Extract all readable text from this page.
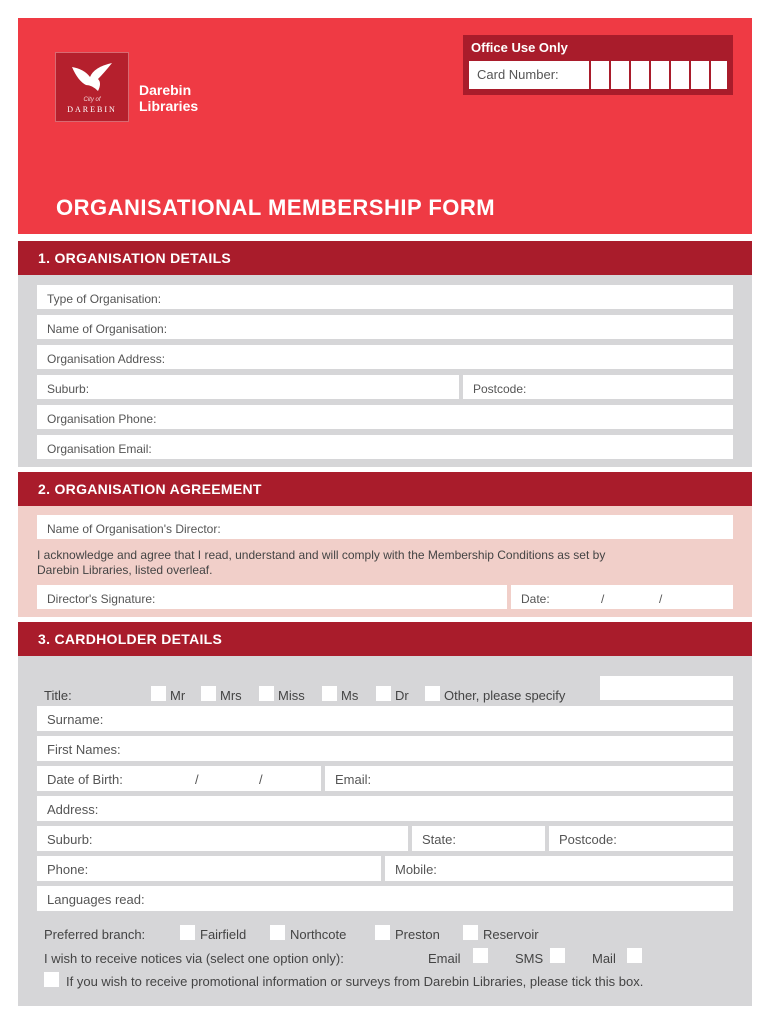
City of
DAREBIN
Darebin
Libraries
Office Use Only
Card Number:
ORGANISATIONAL MEMBERSHIP FORM
1. ORGANISATION DETAILS
Type of Organisation:
Name of Organisation:
Organisation Address:
Suburb:	Postcode:
Organisation Phone:
Organisation Email:
2. ORGANISATION AGREEMENT
Name of Organisation's Director:
I acknowledge and agree that I read, understand and will comply with the Membership Conditions as set by
Darebin Libraries, listed overleaf.
Director's Signature:	Date:	/	/
3. CARDHOLDER DETAILS
Title:	Mr	Mrs	Miss	Ms	Dr	Other, please specify
Surname:
First Names:
Date of Birth:	/	/	Email:
Address:
Suburb:	State:	Postcode:
Phone:	Mobile:
Languages read:
Preferred branch:	Fairfield	Northcote	Preston	Reservoir
I wish to receive notices via (select one option only):	Email	SMS	Mail
If you wish to receive promotional information or surveys from Darebin Libraries, please tick this box.
